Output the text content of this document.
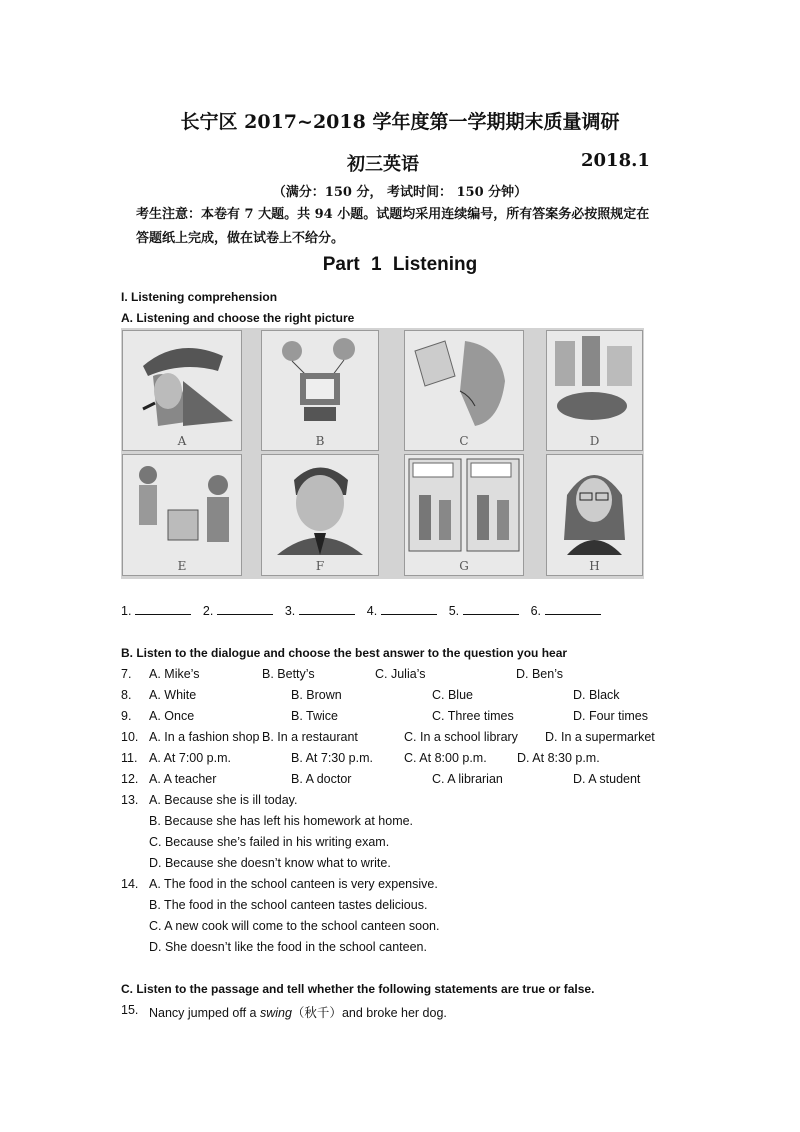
长宁区 2017~2018 学年度第一学期期末质量调研
初三英语	2018.1
（满分：150 分， 考试时间： 150 分钟）
考生注意：本卷有 7 大题。共 94 小题。试题均采用连续编号，所有答案务必按照规定在
答题纸上完成，做在试卷上不给分。
Part 1 Listening
I. Listening comprehension
A. Listening and choose the right picture
A	B	C	D
E	F	G	H
1.	2.	3.	4.	5.	6.
B. Listen to the dialogue and choose the best answer to the question you hear
7. A. Mike’s	B. Betty’s	C. Julia’s	D. Ben’s
8. A. White	B. Brown	C. Blue	D. Black
9. A. Once	B. Twice	C. Three times	D. Four times
10. A. In a fashion shop B. In a restaurant	C. In a school library D. In a supermarket
11. A. At 7:00 p.m.	B. At 7:30 p.m. C. At 8:00 p.m. D. At 8:30 p.m.
12. A. A teacher	B. A doctor	C. A librarian	D. A student
13. A. Because she is ill today.
B. Because she has left his homework at home.
C. Because she’s failed in his writing exam.
D. Because she doesn’t know what to write.
14. A. The food in the school canteen is very expensive.
B. The food in the school canteen tastes delicious.
C. A new cook will come to the school canteen soon.
D. She doesn’t like the food in the school canteen.
C. Listen to the passage and tell whether the following statements are true or false.
15. Nancy jumped off a swing（秋千）and broke her dog.
